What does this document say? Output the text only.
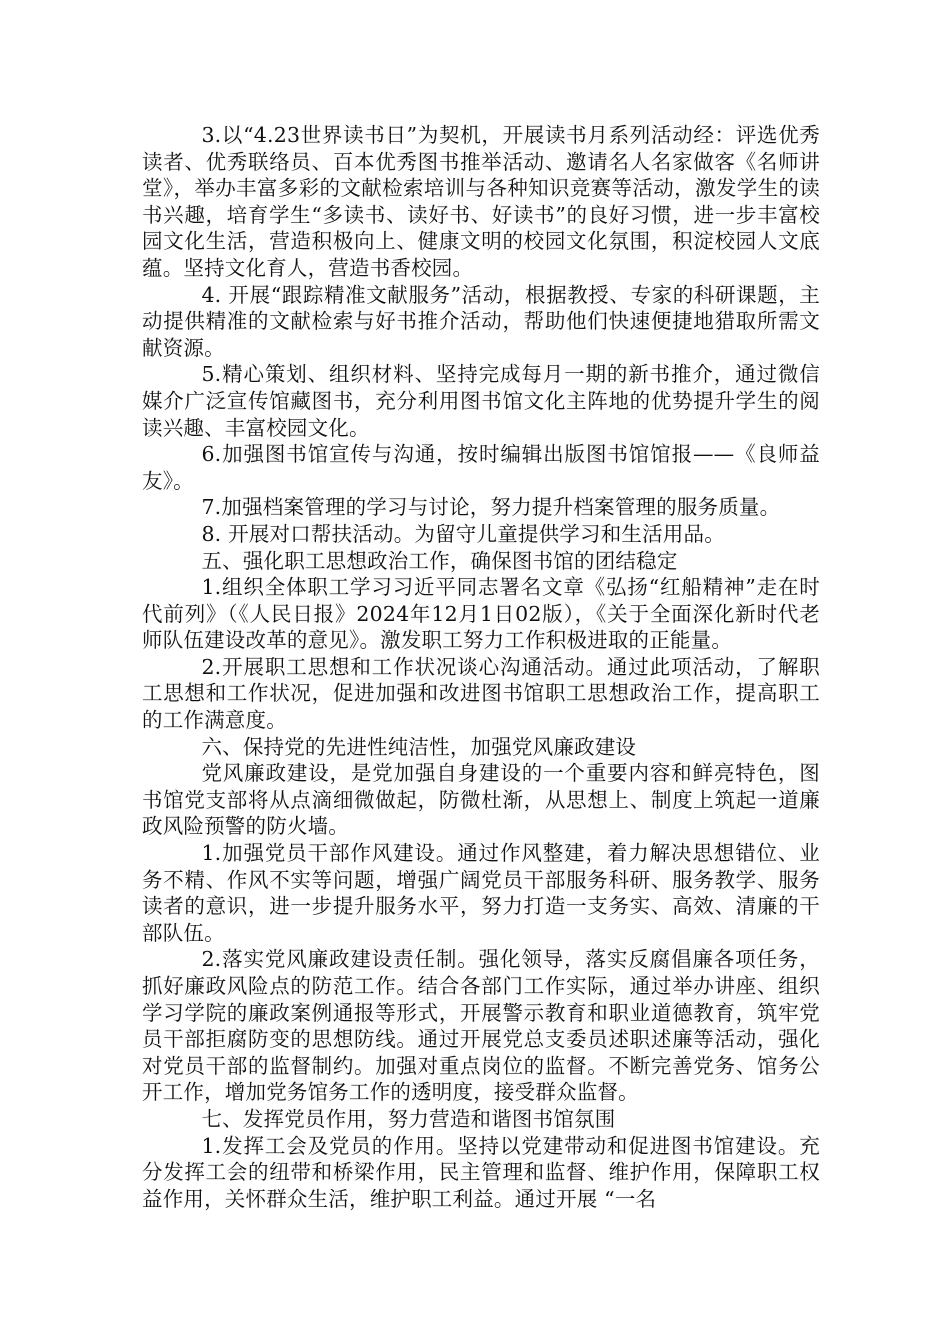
3.以“4.23世界读书日”为契机，开展读书月系列活动经：评选优秀读者、优秀联络员、百本优秀图书推举活动、邀请名人名家做客《名师讲堂》，举办丰富多彩的文献检索培训与各种知识竞赛等活动，激发学生的读书兴趣，培育学生“多读书、读好书、好读书”的良好习惯，进一步丰富校园文化生活，营造积极向上、健康文明的校园文化氛围，积淀校园人文底蕴。坚持文化育人，营造书香校园。

4. 开展“跟踪精准文献服务”活动，根据教授、专家的科研课题，主动提供精准的文献检索与好书推介活动，帮助他们快速便捷地猎取所需文献资源。

5.精心策划、组织材料、坚持完成每月一期的新书推介，通过微信媒介广泛宣传馆藏图书，充分利用图书馆文化主阵地的优势提升学生的阅读兴趣、丰富校园文化。

6.加强图书馆宣传与沟通，按时编辑出版图书馆馆报——《良师益友》。

7.加强档案管理的学习与讨论，努力提升档案管理的服务质量。

8. 开展对口帮扶活动。为留守儿童提供学习和生活用品。

五、强化职工思想政治工作，确保图书馆的团结稳定

1.组织全体职工学习习近平同志署名文章《弘扬“红船精神”走在时代前列》（《人民日报》2024年12月1日02版），《关于全面深化新时代老师队伍建设改革的意见》。激发职工努力工作积极进取的正能量。

2.开展职工思想和工作状况谈心沟通活动。通过此项活动，了解职工思想和工作状况，促进加强和改进图书馆职工思想政治工作，提高职工的工作满意度。

六、保持党的先进性纯洁性，加强党风廉政建设

党风廉政建设，是党加强自身建设的一个重要内容和鲜亮特色，图书馆党支部将从点滴细微做起，防微杜渐，从思想上、制度上筑起一道廉政风险预警的防火墙。

1.加强党员干部作风建设。通过作风整建，着力解决思想错位、业务不精、作风不实等问题，增强广阔党员干部服务科研、服务教学、服务读者的意识，进一步提升服务水平，努力打造一支务实、高效、清廉的干部队伍。

2.落实党风廉政建设责任制。强化领导，落实反腐倡廉各项任务，抓好廉政风险点的防范工作。结合各部门工作实际，通过举办讲座、组织学习学院的廉政案例通报等形式，开展警示教育和职业道德教育，筑牢党员干部拒腐防变的思想防线。通过开展党总支委员述职述廉等活动，强化对党员干部的监督制约。加强对重点岗位的监督。不断完善党务、馆务公开工作，增加党务馆务工作的透明度，接受群众监督。

七、发挥党员作用，努力营造和谐图书馆氛围

1.发挥工会及党员的作用。坚持以党建带动和促进图书馆建设。充分发挥工会的纽带和桥梁作用，民主管理和监督、维护作用，保障职工权益作用，关怀群众生活，维护职工利益。通过开展 “一名
